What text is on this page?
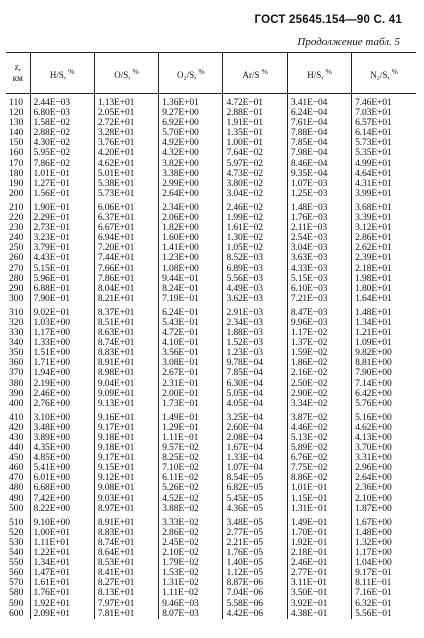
ГОСТ 25645.154—90 С. 41
Продолжение табл. 5
z,
км	H/S, %	O/S, %	O₂/S, %	Ar/S %	H/S, %	N₂/S, %
110	2.44E−03	1.13E+01	1.36E+01	4.72E−01	3.41E−04	7.46E+01
120	6.80E−03	2.05E+01	9.27E+00	2.88E−01	6.24E−04	7.03E+01
130	1.58E−02	2.72E+01	6.92E+00	1.91E−01	7.61E−04	6.57E+01
140	2.88E−02	3.28E+01	5.70E+00	1.35E−01	7.88E−04	6.14E+01
150	4.30E−02	3.76E+01	4.92E+00	1.00E−01	7.85E−04	5.73E+01
160	5.95E−02	4.20E+01	4.32E+00	7.64E−02	7.98E−04	5.35E+01
170	7.86E−02	4.62E+01	3.82E+00	5.97E−02	8.46E−04	4.99E+01
180	1.01E−01	5.01E+01	3.38E+00	4.73E−02	9.35E−04	4.64E+01
190	1.27E−01	5.38E+01	2.99E+00	3.80E−02	1.07E−03	4.31E+01
200	1.56E−01	5.73E+01	2.64E+00	3.04E−02	1.25E−03	3.99E+01

210	1.90E−01	6.06E+01	2.34E+00	2.46E−02	1.48E−03	3.68E+01
220	2.29E−01	6.37E+01	2.06E+00	1.99E−02	1.76E−03	3.39E+01
230	2.73E−01	6.67E+01	1.82E+00	1.61E−02	2.11E−03	3.12E+01
240	3.23E−01	6.94E+01	1.60E+00	1.30E−02	2.54E−03	2.86E+01
250	3.79E−01	7.20E+01	1.41E+00	1.05E−02	3.04E−03	2.62E+01
260	4.43E−01	7.44E+01	1.23E+00	8.52E−03	3.63E−03	2.39E+01
270	5.15E−01	7.66E+01	1.08E+00	6.89E−03	4.33E−03	2.18E+01
280	5.96E−01	7.86E+01	9.44E−01	5.56E−03	5.15E−03	1.98E+01
290	6.88E−01	8.04E+01	8.24E−01	4.49E−03	6.10E−03	1.80E+01
300	7.90E−01	8.21E+01	7.19E−01	3.62E−03	7.21E−03	1.64E+01

310	9.02E−01	8.37E+01	6.24E−01	2.91E−03	8.47E−03	1.48E+01
320	1.03E+00	8.51E+01	5.43E−01	2.34E−03	9.96E−03	1.34E+01
330	1.17E+00	8.63E+01	4.72E−01	1.88E−03	1.17E−02	1.21E+01
340	1.33E+00	8.74E+01	4.10E−01	1.52E−03	1.37E−02	1.09E+01
350	1.51E+00	8.83E+01	3.56E−01	1.23E−03	1.59E−02	9.82E+00
360	1.71E+00	8.91E+01	3.08E−01	9.78E−04	1.86E−02	8.81E+00
370	1.94E+00	8.98E+01	2.67E−01	7.85E−04	2.16E−02	7.90E+00
380	2.19E+00	9.04E+01	2.31E−01	6.30E−04	2.50E−02	7.14E+00
390	2.46E+00	9.09E+01	2.00E−01	5.05E−04	2.90E−02	6.42E+00
400	2.76E+00	9.13E+01	1.73E−01	4.05E−04	3.34E−02	5.76E+00

410	3.10E+00	9.16E+01	1.49E−01	3.25E−04	3.87E−02	5.16E+00
420	3.48E+00	9.17E+01	1.29E−01	2.60E−04	4.46E−02	4.62E+00
430	3.89E+00	9.18E+01	1.11E−01	2.08E−04	5.13E−02	4.13E+00
440	4.35E+00	9.18E+01	9.57E−02	1.67E−04	5.89E−02	3.70E+00
450	4.85E+00	9.17E+01	8.25E−02	1.33E−04	6.76E−02	3.31E+00
460	5.41E+00	9.15E+01	7.10E−02	1.07E−04	7.75E−02	2.96E+00
470	6.01E+00	9.12E+01	6.11E−02	8.54E−05	8.86E−02	2.64E+00
480	6.68E+00	9.08E+01	5.26E−02	6.82E−05	1.01E−01	2.36E+00
490	7.42E+00	9.03E+01	4.52E−02	5.45E−05	1.15E−01	2.10E+00
500	8.22E+00	8.97E+01	3.88E−02	4.36E−05	1.31E−01	1.87E+00

510	9.10E+00	8.91E+01	3.33E−02	3.48E−05	1.49E−01	1.67E+00
520	1.00E+01	8.83E+01	2.86E−02	2.77E−05	1.70E−01	1.48E+00
530	1.11E+01	8.74E+01	2.45E−02	2.21E−05	1.92E−01	1.32E+00
540	1.22E+01	8.64E+01	2.10E−02	1.76E−05	2.18E−01	1.17E+00
550	1.34E+01	8.53E+01	1.79E−02	1.40E−05	2.46E−01	1.04E+00
560	1.47E+01	8.41E+01	1.53E−02	1.12E−05	2.77E−01	9.17E−01
570	1.61E+01	8.27E+01	1.31E−02	8.87E−06	3.11E−01	8.11E−01
580	1.76E+01	8.13E+01	1.11E−02	7.04E−06	3.50E−01	7.16E−01
590	1.92E+01	7.97E+01	9.46E−03	5.58E−06	3.92E−01	6.32E−01
600	2.09E+01	7.81E+01	8.07E−03	4.42E−06	4.38E−01	5.56E−01
